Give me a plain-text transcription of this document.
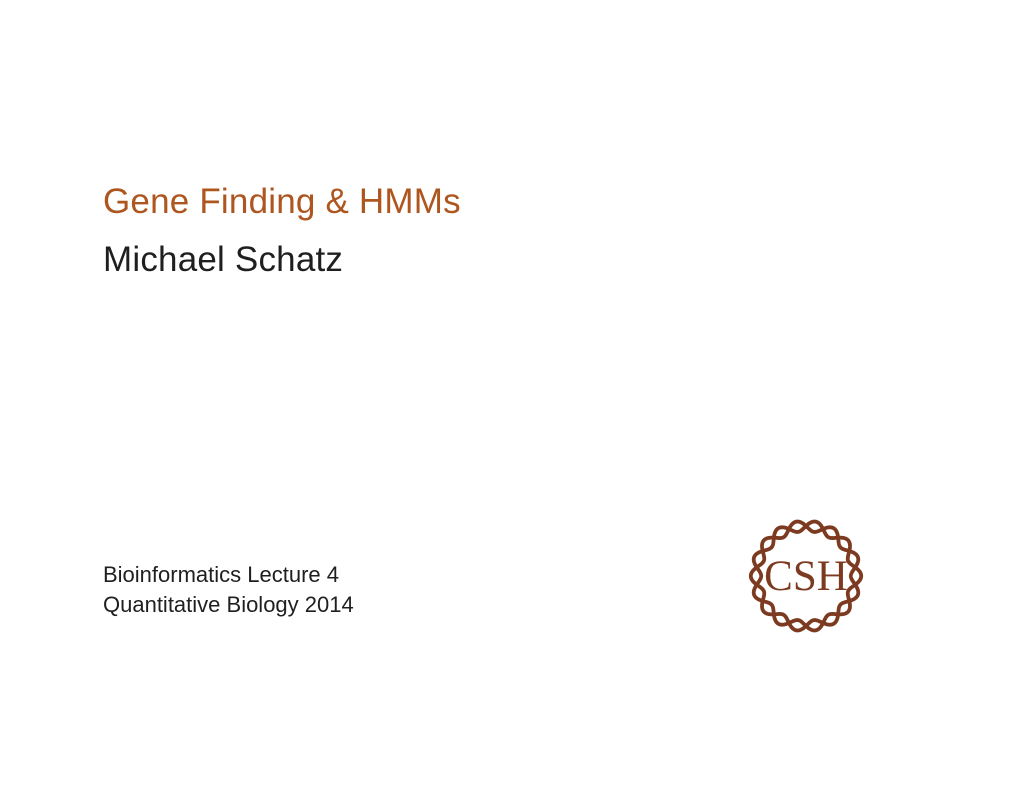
Gene Finding & HMMs
Michael Schatz
Bioinformatics Lecture 4
Quantitative Biology 2014
CSH
